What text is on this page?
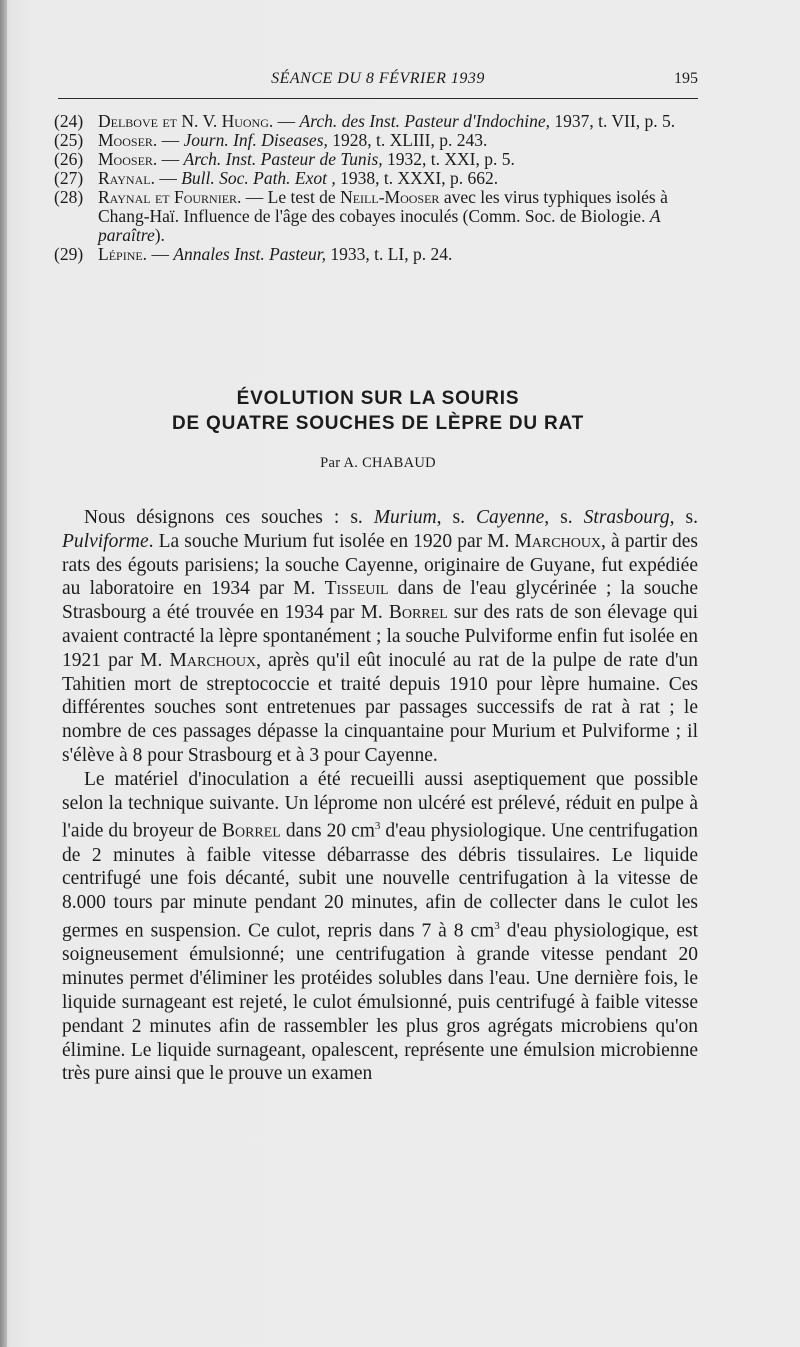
SÉANCE DU 8 FÉVRIER 1939	195
(24) Delbove et N. V. Huong. — Arch. des Inst. Pasteur d'Indochine, 1937, t. VII, p. 5.
(25) Mooser. — Journ. Inf. Diseases, 1928, t. XLIII, p. 243.
(26) Mooser. — Arch. Inst. Pasteur de Tunis, 1932, t. XXI, p. 5.
(27) Raynal. — Bull. Soc. Path. Exot , 1938, t. XXXI, p. 662.
(28) Raynal et Fournier. — Le test de Neill-Mooser avec les virus typhiques isolés à Chang-Haï. Influence de l'âge des cobayes inoculés (Comm. Soc. de Biologie. A paraître).
(29) Lépine. — Annales Inst. Pasteur, 1933, t. LI, p. 24.
ÉVOLUTION SUR LA SOURIS
DE QUATRE SOUCHES DE LÈPRE DU RAT
Par A. CHABAUD

Nous désignons ces souches : s. Murium, s. Cayenne, s. Strasbourg, s. Pulviforme. La souche Murium fut isolée en 1920 par M. Marchoux, à partir des rats des égouts parisiens; la souche Cayenne, originaire de Guyane, fut expédiée au laboratoire en 1934 par M. Tisseuil dans de l'eau glycérinée ; la souche Strasbourg a été trouvée en 1934 par M. Borrel sur des rats de son élevage qui avaient contracté la lèpre spontanément ; la souche Pulviforme enfin fut isolée en 1921 par M. Marchoux, après qu'il eût inoculé au rat de la pulpe de rate d'un Tahitien mort de streptococcie et traité depuis 1910 pour lèpre humaine. Ces différentes souches sont entretenues par passages successifs de rat à rat ; le nombre de ces passages dépasse la cinquantaine pour Murium et Pulviforme ; il s'élève à 8 pour Strasbourg et à 3 pour Cayenne.

Le matériel d'inoculation a été recueilli aussi aseptiquement que possible selon la technique suivante. Un léprome non ulcéré est prélevé, réduit en pulpe à l'aide du broyeur de Borrel dans 20 $cm^3$ d'eau physiologique. Une centrifugation de 2 minutes à faible vitesse débarrasse des débris tissulaires. Le liquide centrifugé une fois décanté, subit une nouvelle centrifugation à la vitesse de 8.000 tours par minute pendant 20 minutes, afin de collecter dans le culot les germes en suspension. Ce culot, repris dans 7 à 8 $cm^3$ d'eau physiologique, est soigneusement émulsionné; une centrifugation à grande vitesse pendant 20 minutes permet d'éliminer les protéides solubles dans l'eau. Une dernière fois, le liquide surnageant est rejeté, le culot émulsionné, puis centrifugé à faible vitesse pendant 2 minutes afin de rassembler les plus gros agrégats microbiens qu'on élimine. Le liquide surnageant, opalescent, représente une émulsion microbienne très pure ainsi que le prouve un examen
